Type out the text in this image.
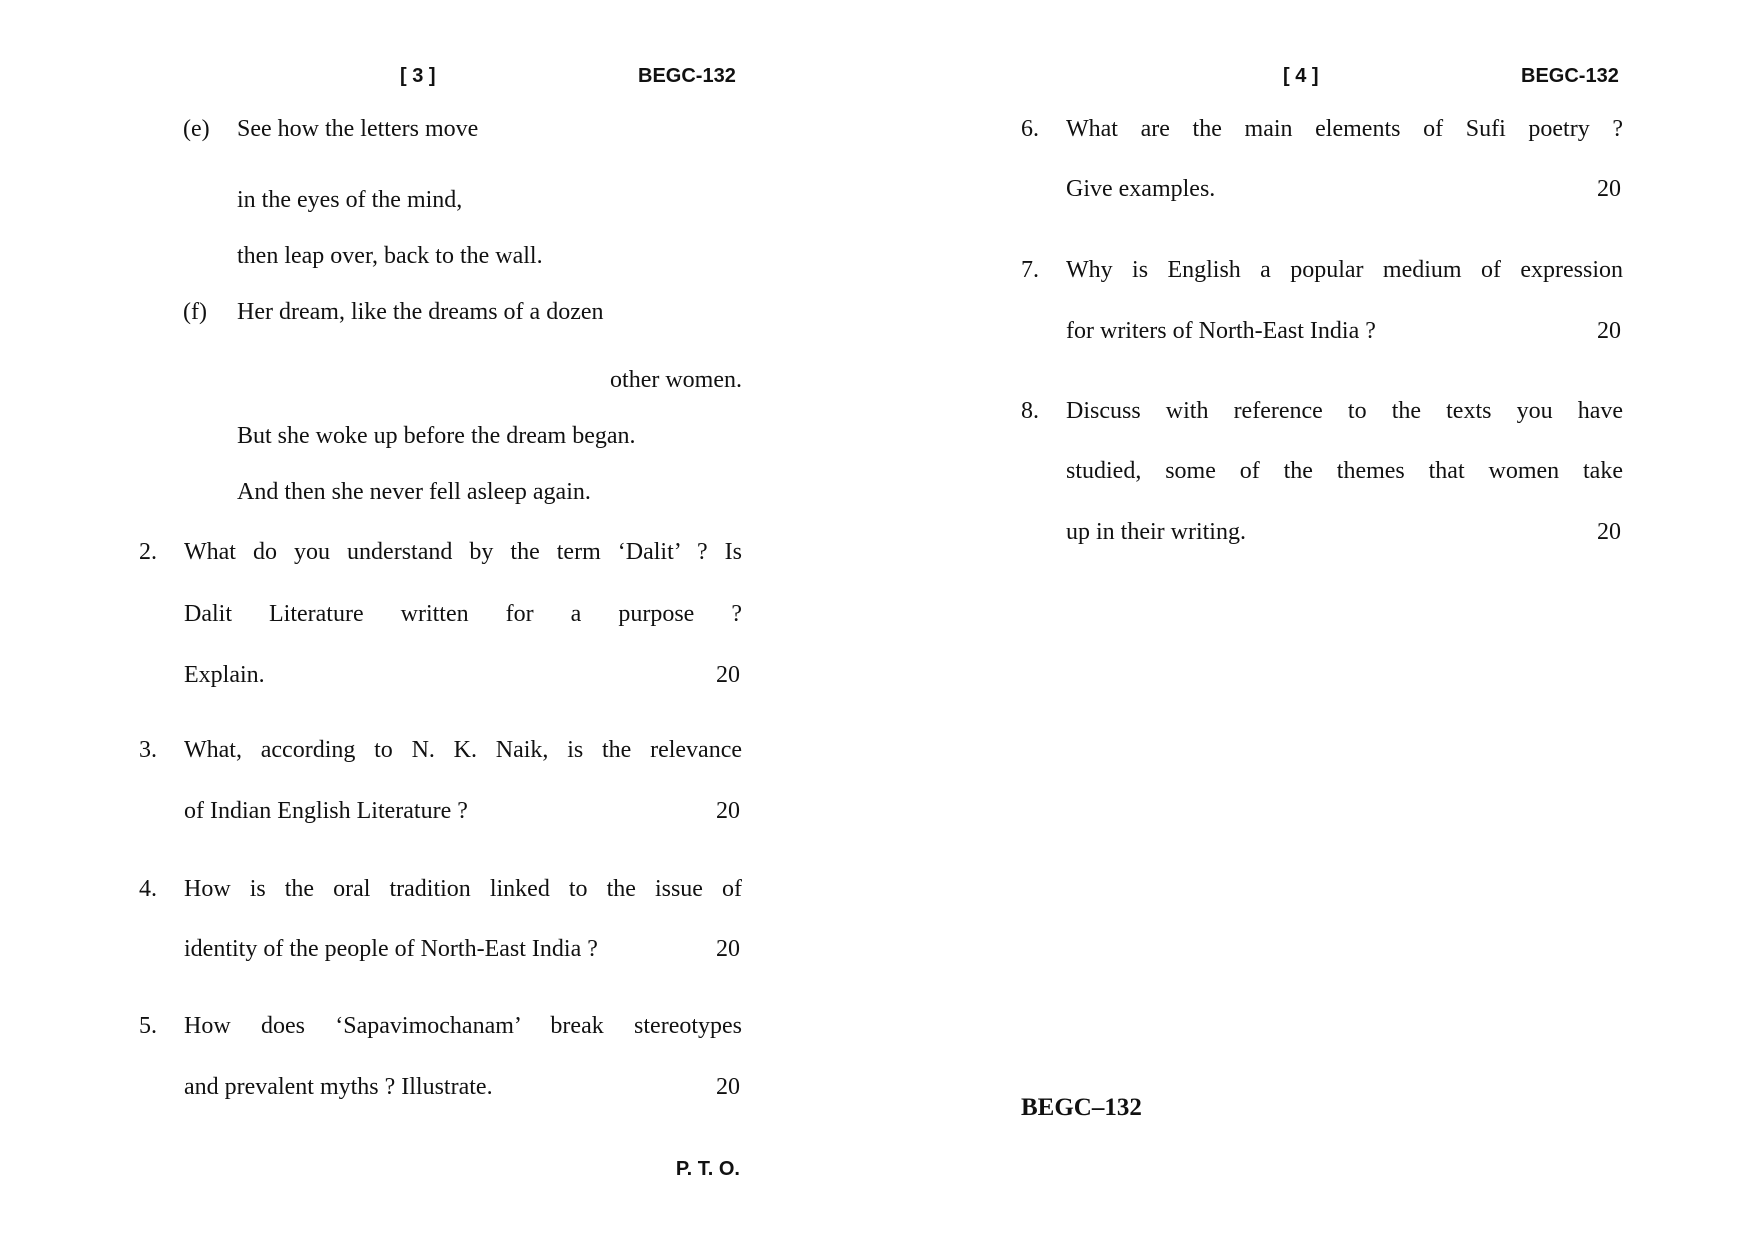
[ 3 ]	BEGC-132
(e) See how the letters move
in the eyes of the mind,
then leap over, back to the wall.
(f) Her dream, like the dreams of a dozen
other women.
But she woke up before the dream began.
And then she never fell asleep again.
2. What do you understand by the term ‘Dalit’ ? Is
Dalit Literature written for a purpose ?
Explain.	20
3. What, according to N. K. Naik, is the relevance
of Indian English Literature ?	20
4. How is the oral tradition linked to the issue of
identity of the people of North-East India ?	20
5. How does ‘Sapavimochanam’ break stereotypes
and prevalent myths ? Illustrate.	20
P. T. O.
[ 4 ]	BEGC-132
6. What are the main elements of Sufi poetry ?
Give examples.	20
7. Why is English a popular medium of expression
for writers of North-East India ?	20
8. Discuss with reference to the texts you have
studied, some of the themes that women take
up in their writing.	20
BEGC–132
